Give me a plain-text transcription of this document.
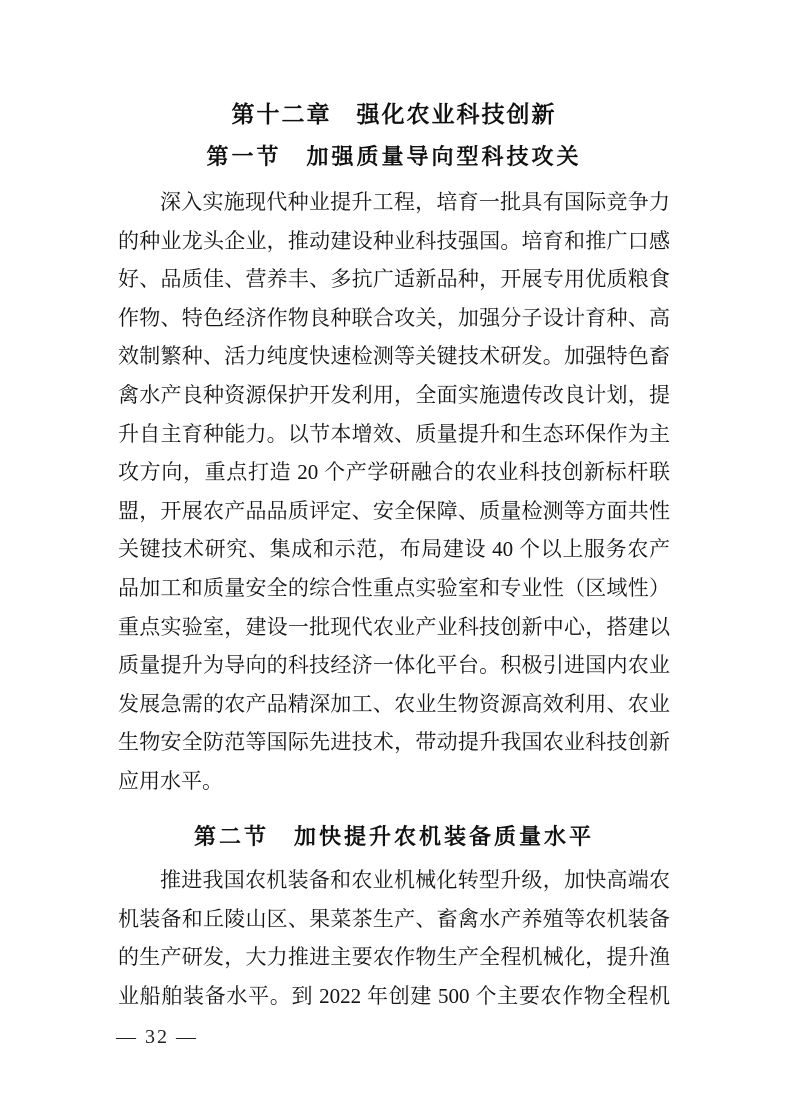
第十二章　强化农业科技创新
第一节　加强质量导向型科技攻关
深入实施现代种业提升工程，培育一批具有国际竞争力
的种业龙头企业，推动建设种业科技强国。培育和推广口感
好、品质佳、营养丰、多抗广适新品种，开展专用优质粮食
作物、特色经济作物良种联合攻关，加强分子设计育种、高
效制繁种、活力纯度快速检测等关键技术研发。加强特色畜
禽水产良种资源保护开发利用，全面实施遗传改良计划，提
升自主育种能力。以节本增效、质量提升和生态环保作为主
攻方向，重点打造 20 个产学研融合的农业科技创新标杆联
盟，开展农产品品质评定、安全保障、质量检测等方面共性
关键技术研究、集成和示范，布局建设 40 个以上服务农产
品加工和质量安全的综合性重点实验室和专业性（区域性）
重点实验室，建设一批现代农业产业科技创新中心，搭建以
质量提升为导向的科技经济一体化平台。积极引进国内农业
发展急需的农产品精深加工、农业生物资源高效利用、农业
生物安全防范等国际先进技术，带动提升我国农业科技创新
应用水平。
第二节　加快提升农机装备质量水平
推进我国农机装备和农业机械化转型升级，加快高端农
机装备和丘陵山区、果菜茶生产、畜禽水产养殖等农机装备
的生产研发，大力推进主要农作物生产全程机械化，提升渔
业船舶装备水平。到 2022 年创建 500 个主要农作物全程机
— 32 —
